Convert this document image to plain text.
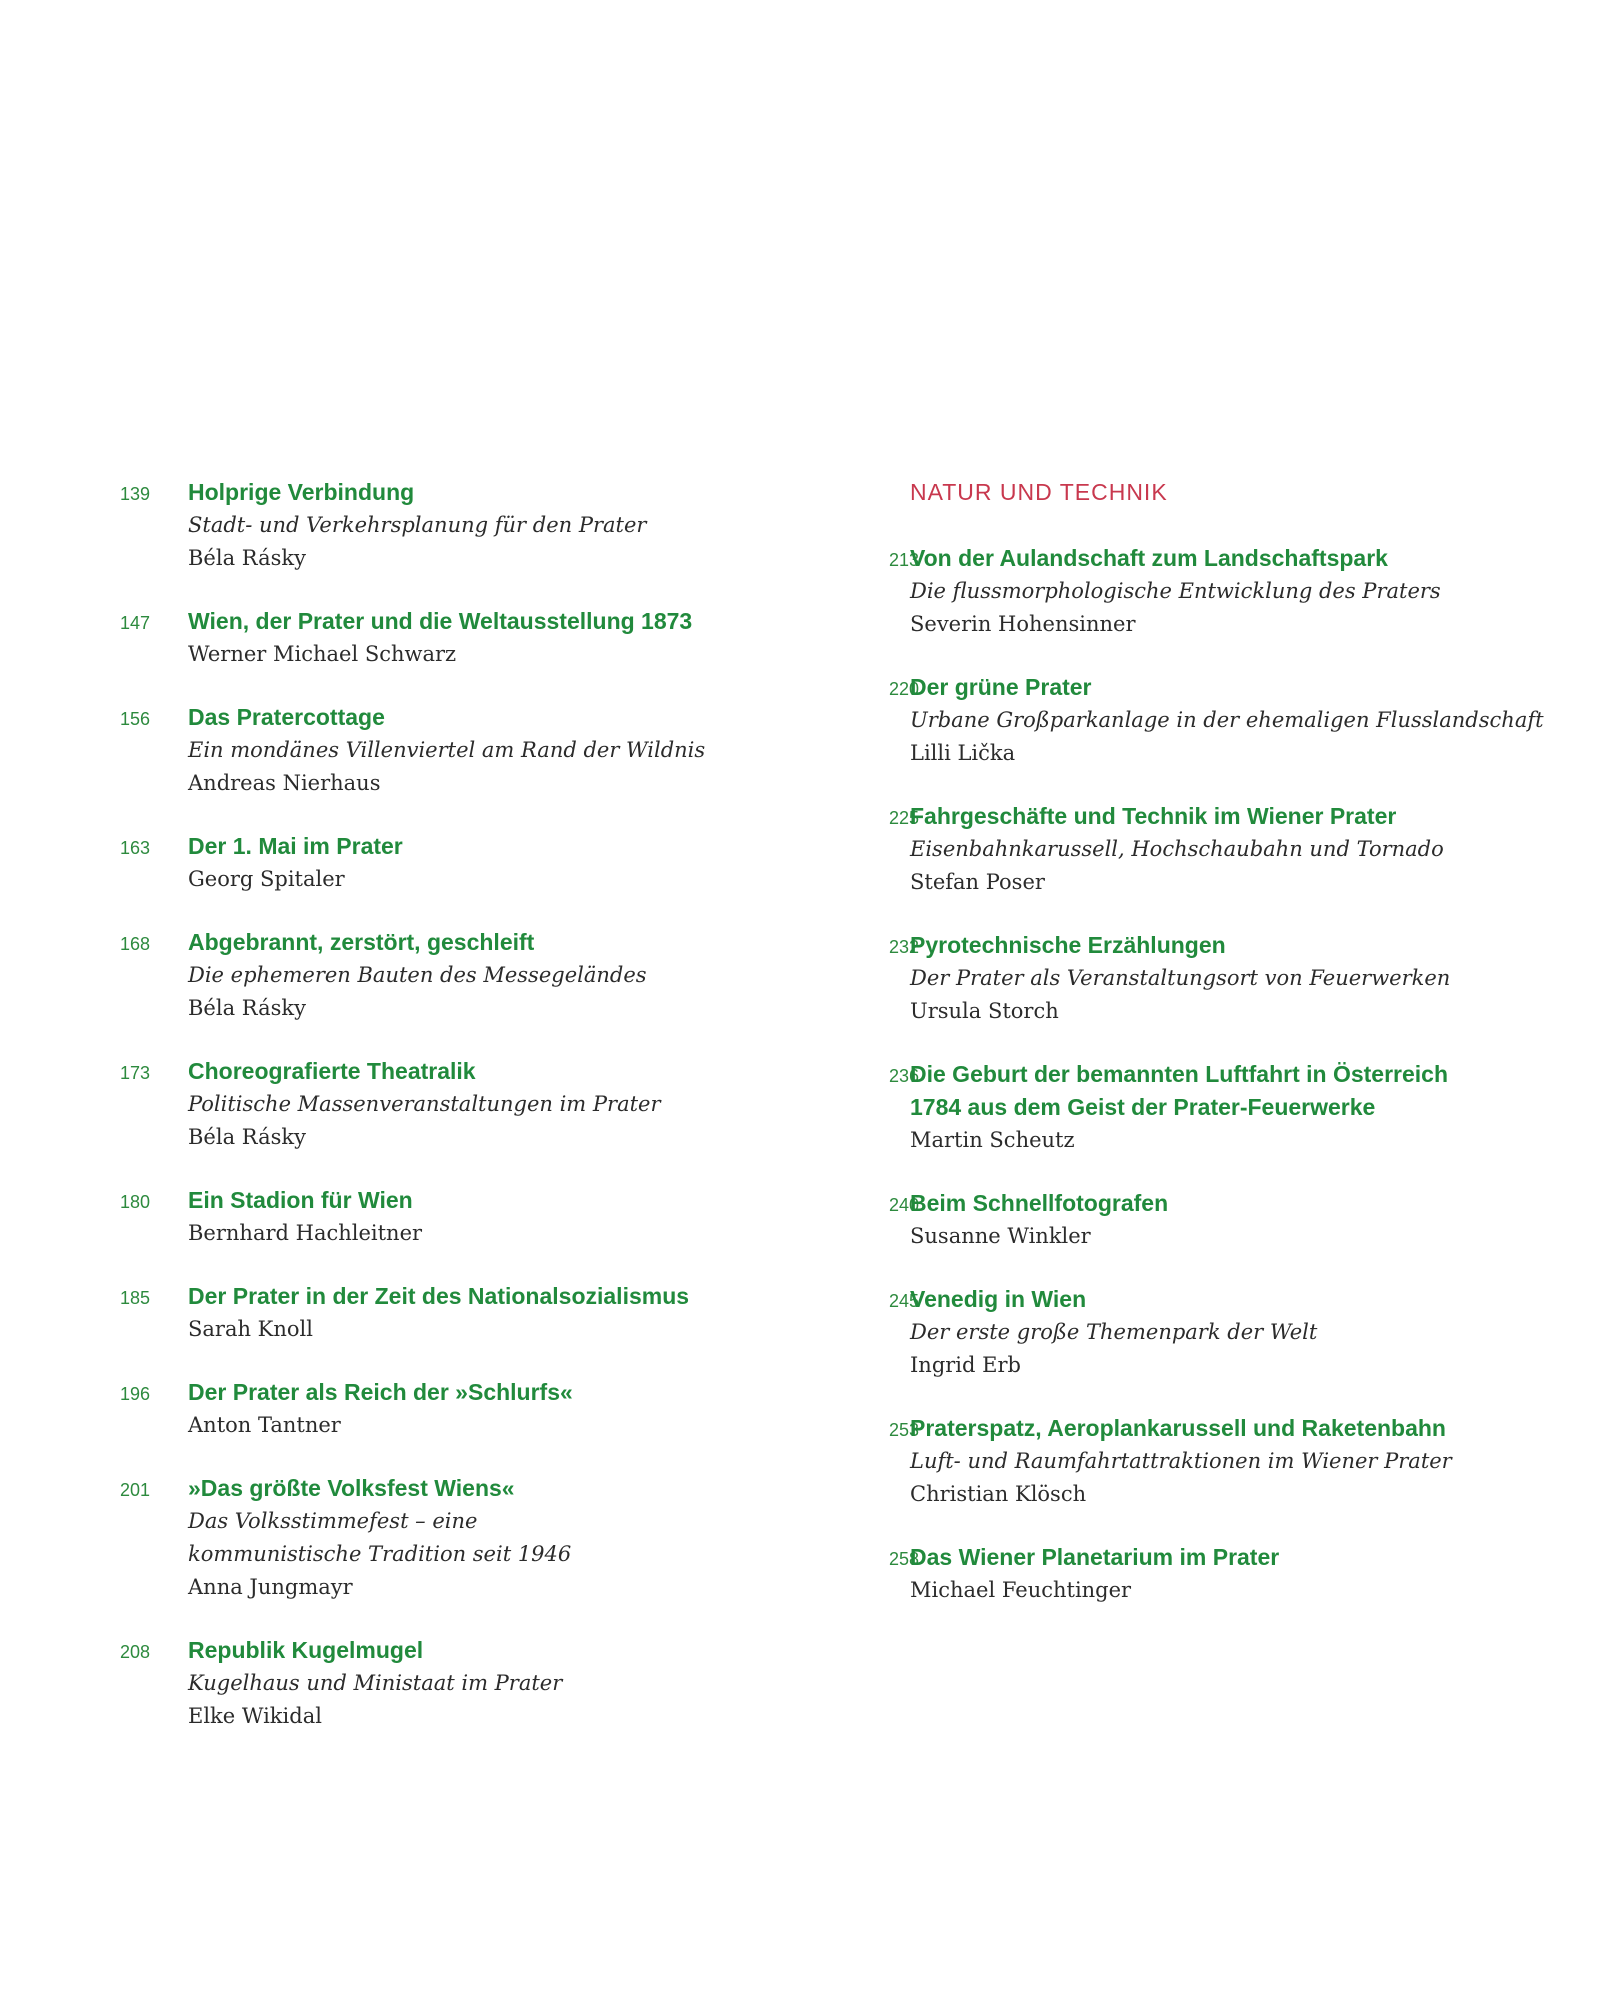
139 Holprige Verbindung
Stadt- und Verkehrsplanung für den Prater
Béla Rásky
147 Wien, der Prater und die Weltausstellung 1873
Werner Michael Schwarz
156 Das Pratercottage
Ein mondänes Villenviertel am Rand der Wildnis
Andreas Nierhaus
163 Der 1. Mai im Prater
Georg Spitaler
168 Abgebrannt, zerstört, geschleift
Die ephemeren Bauten des Messegeländes
Béla Rásky
173 Choreografierte Theatralik
Politische Massenveranstaltungen im Prater
Béla Rásky
180 Ein Stadion für Wien
Bernhard Hachleitner
185 Der Prater in der Zeit des Nationalsozialismus
Sarah Knoll
196 Der Prater als Reich der »Schlurfs«
Anton Tantner
201 »Das größte Volksfest Wiens«
Das Volksstimmefest – eine
kommunistische Tradition seit 1946
Anna Jungmayr
208 Republik Kugelmugel
Kugelhaus und Ministaat im Prater
Elke Wikidal
NATUR UND TECHNIK
213
Von der Aulandschaft zum Landschaftspark
Die flussmorphologische Entwicklung des Praters
Severin Hohensinner
220
Der grüne Prater
Urbane Großparkanlage in der ehemaligen Flusslandschaft
Lilli Lička
225
Fahrgeschäfte und Technik im Wiener Prater
Eisenbahnkarussell, Hochschaubahn und Tornado
Stefan Poser
232
Pyrotechnische Erzählungen
Der Prater als Veranstaltungsort von Feuerwerken
Ursula Storch
236
Die Geburt der bemannten Luftfahrt in Österreich
1784 aus dem Geist der Prater-Feuerwerke
Martin Scheutz
240
Beim Schnellfotografen
Susanne Winkler
245
Venedig in Wien
Der erste große Themenpark der Welt
Ingrid Erb
253
Praterspatz, Aeroplankarussell und Raketenbahn
Luft- und Raumfahrtattraktionen im Wiener Prater
Christian Klösch
258
Das Wiener Planetarium im Prater
Michael Feuchtinger
